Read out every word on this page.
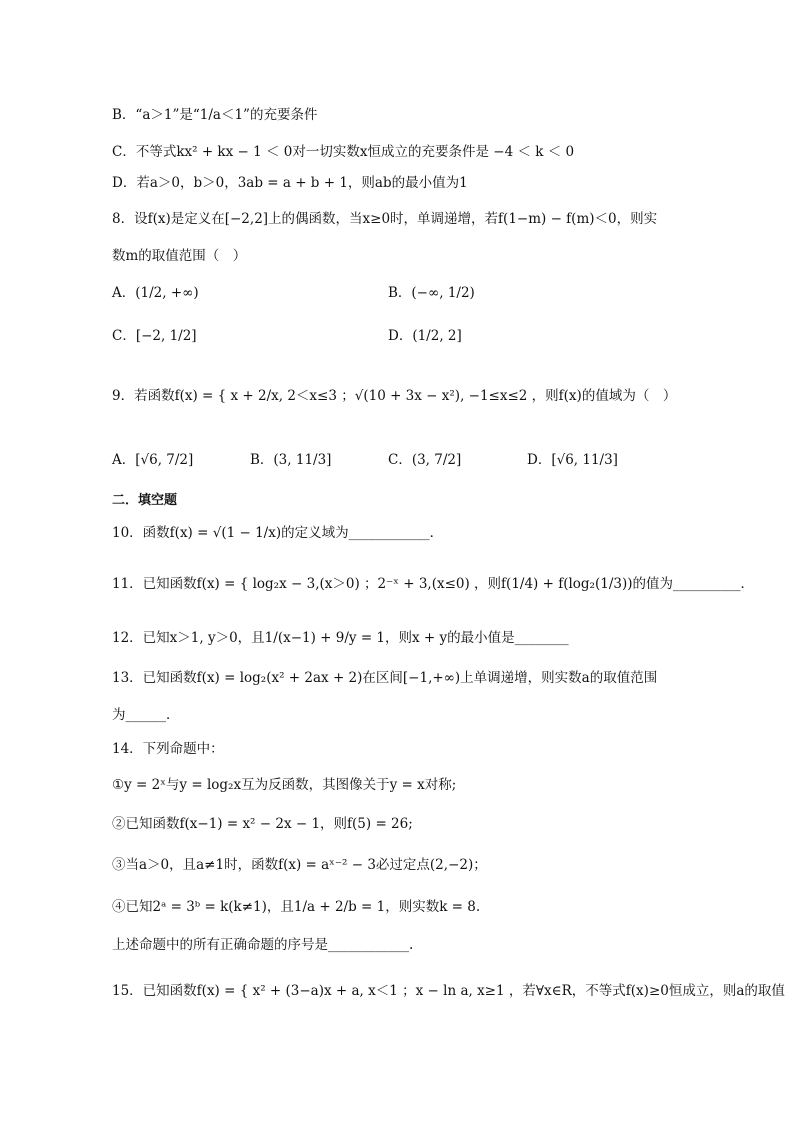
B．“a＞1”是“1/a＜1”的充要条件
C．不等式kx² + kx − 1 ＜ 0对一切实数x恒成立的充要条件是 −4 ＜ k ＜ 0
D．若a＞0，b＞0，3ab = a + b + 1，则ab的最小值为1
8．设f(x)是定义在[−2,2]上的偶函数，当x≥0时，单调递增，若f(1−m) − f(m)＜0，则实
数m的取值范围（　）
A．(1/2, +∞)	B．(−∞, 1/2)
C．[−2, 1/2]	D．(1/2, 2]
9．若函数f(x) = { x + 2/x, 2＜x≤3 ；√(10 + 3x − x²), −1≤x≤2 ，则f(x)的值域为（　）
A．[√6, 7/2]	B．(3, 11/3]	C．(3, 7/2]	D．[√6, 11/3]
二．填空题
10．函数f(x) = √(1 − 1/x)的定义域为____________．
11．已知函数f(x) = { log₂x − 3,(x＞0) ；2⁻ˣ + 3,(x≤0) ，则f(1/4) + f(log₂(1/3))的值为__________．
12．已知x＞1, y＞0，且1/(x−1) + 9/y = 1，则x + y的最小值是________
13．已知函数f(x) = log₂(x² + 2ax + 2)在区间[−1,+∞)上单调递增，则实数a的取值范围
为______．
14．下列命题中：
①y = 2ˣ与y = log₂x互为反函数，其图像关于y = x对称;
②已知函数f(x−1) = x² − 2x − 1，则f(5) = 26;
③当a＞0，且a≠1时，函数f(x) = aˣ⁻² − 3必过定点(2,−2)；
④已知2ᵃ = 3ᵇ = k(k≠1)，且1/a + 2/b = 1，则实数k = 8.
上述命题中的所有正确命题的序号是____________.
15．已知函数f(x) = { x² + (3−a)x + a, x＜1 ；x − ln a, x≥1 ，若∀x∈R，不等式f(x)≥0恒成立，则a的取值
